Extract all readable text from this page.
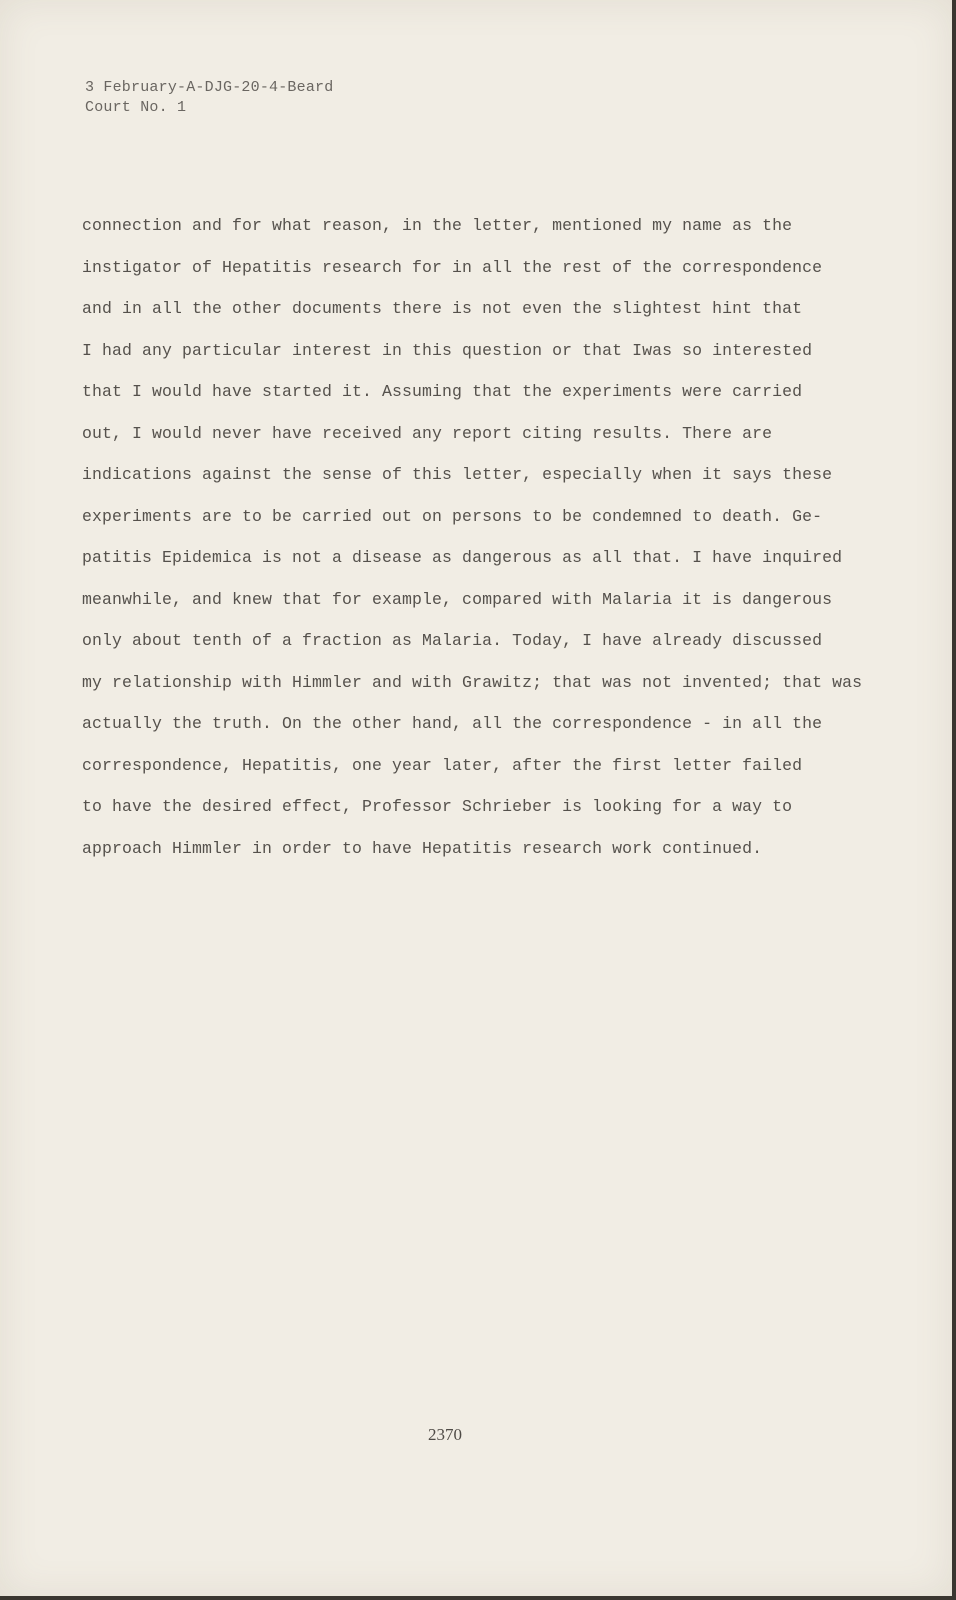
3 February-A-DJG-20-4-Beard
Court No. 1
connection and for what reason, in the letter, mentioned my name as the
instigator of Hepatitis research for in all the rest of the correspondence
and in all the other documents there is not even the slightest hint that
I had any particular interest in this question or that Iwas so interested
that I would have started it. Assuming that the experiments were carried
out, I would never have received any report citing results. There are
indications against the sense of this letter, especially when it says these
experiments are to be carried out on persons to be condemned to death. Ge-
patitis Epidemica is not a disease as dangerous as all that. I have inquired
meanwhile, and knew that for example, compared with Malaria it is dangerous
only about tenth of a fraction as Malaria. Today, I have already discussed
my relationship with Himmler and with Grawitz; that was not invented; that was
actually the truth. On the other hand, all the correspondence - in all the
correspondence, Hepatitis, one year later, after the first letter failed
to have the desired effect, Professor Schrieber is looking for a way to
approach Himmler in order to have Hepatitis research work continued.
2370
